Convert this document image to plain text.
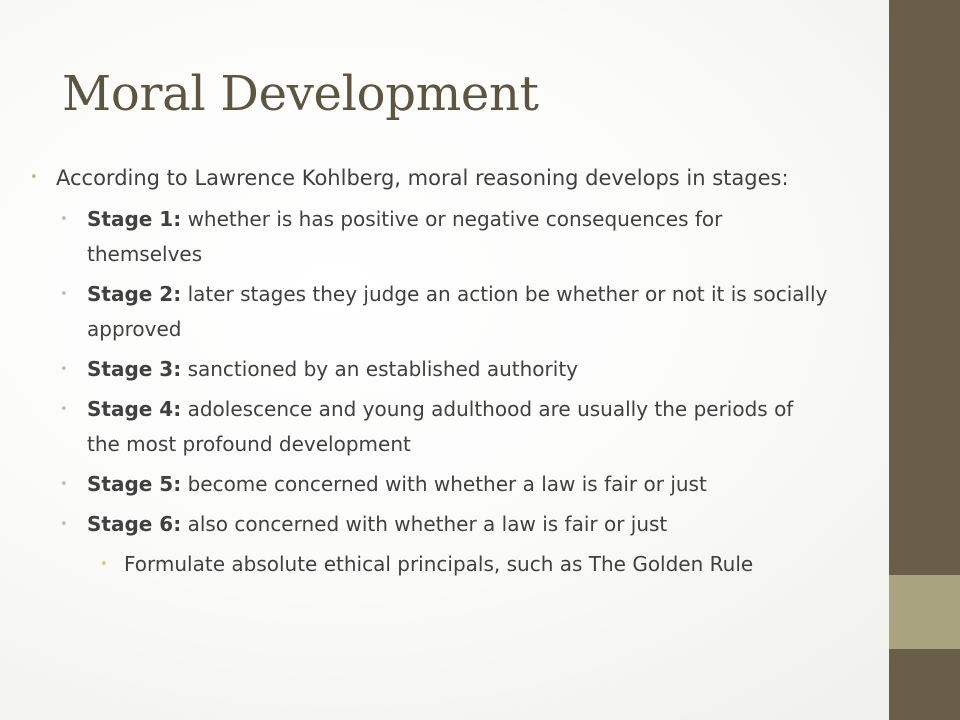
Moral Development

• According to Lawrence Kohlberg, moral reasoning develops in stages:

• Stage 1: whether is has positive or negative consequences for themselves

• Stage 2: later stages they judge an action be whether or not it is socially approved

• Stage 3: sanctioned by an established authority

• Stage 4: adolescence and young adulthood are usually the periods of the most profound development

• Stage 5: become concerned with whether a law is fair or just

• Stage 6: also concerned with whether a law is fair or just

• Formulate absolute ethical principals, such as The Golden Rule
